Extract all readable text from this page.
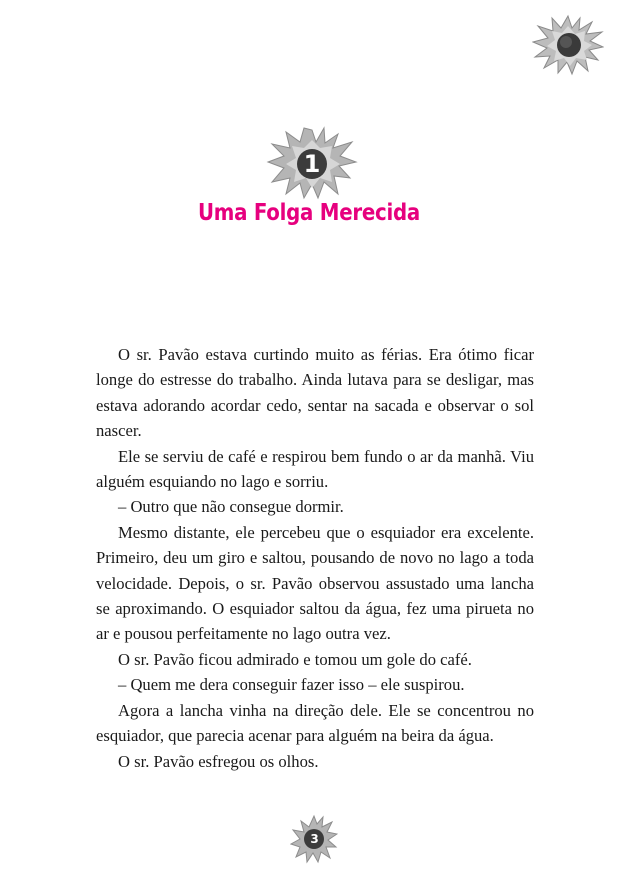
1
Uma Folga Merecida

O sr. Pavão estava curtindo muito as férias. Era ótimo ficar longe do estresse do trabalho. Ainda lutava para se desligar, mas estava adorando acordar cedo, sentar na sacada e observar o sol nascer.

Ele se serviu de café e respirou bem fundo o ar da manhã. Viu alguém esquiando no lago e sorriu.

– Outro que não consegue dormir.

Mesmo distante, ele percebeu que o esquiador era excelente. Primeiro, deu um giro e saltou, pousando de novo no lago a toda velocidade. Depois, o sr. Pavão observou assustado uma lancha se aproximando. O esquiador saltou da água, fez uma pirueta no ar e pousou perfeitamente no lago outra vez.

O sr. Pavão ficou admirado e tomou um gole do café.

– Quem me dera conseguir fazer isso – ele suspirou.

Agora a lancha vinha na direção dele. Ele se concentrou no esquiador, que parecia acenar para alguém na beira da água.

O sr. Pavão esfregou os olhos.

3
